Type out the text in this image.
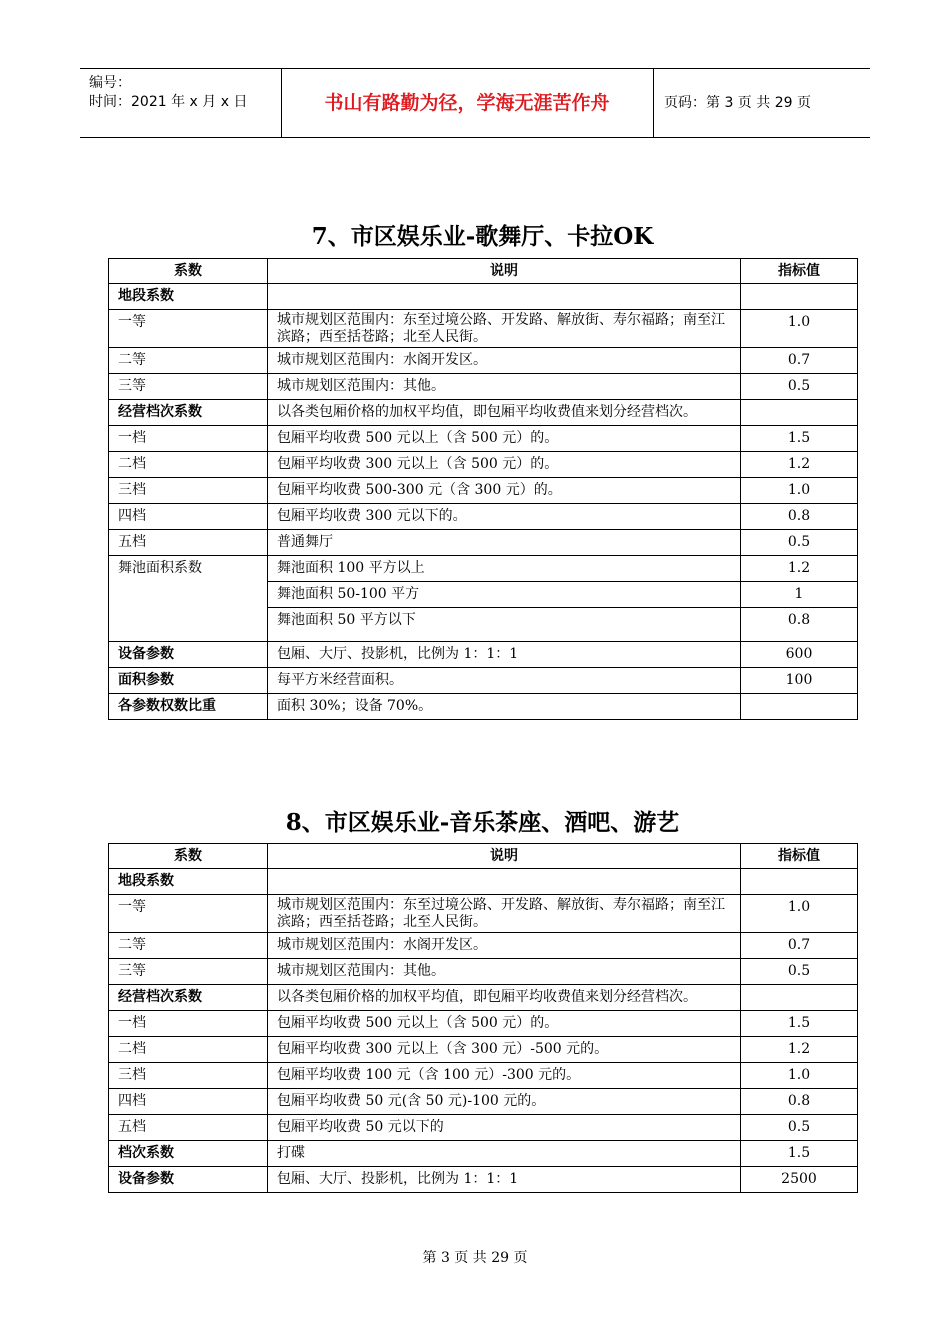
编号：
时间：2021 年 x 月 x 日	书山有路勤为径，学海无涯苦作舟	页码：第 3 页 共 29 页
7、市区娱乐业-歌舞厅、卡拉OK
系数	说明	指标值
地段系数		
一等	城市规划区范围内：东至过境公路、开发路、解放街、寿尔福路；南至江滨路；西至括苍路；北至人民街。	1.0
二等	城市规划区范围内：水阁开发区。	0.7
三等	城市规划区范围内：其他。	0.5
经营档次系数	以各类包厢价格的加权平均值，即包厢平均收费值来划分经营档次。	
一档	包厢平均收费 500 元以上（含 500 元）的。	1.5
二档	包厢平均收费 300 元以上（含 500 元）的。	1.2
三档	包厢平均收费 500-300 元（含 300 元）的。	1.0
四档	包厢平均收费 300 元以下的。	0.8
五档	普通舞厅	0.5
舞池面积系数	舞池面积 100 平方以上	1.2
	舞池面积 50-100 平方	1
	舞池面积 50 平方以下	0.8
设备参数	包厢、大厅、投影机，比例为 1：1：1	600
面积参数	每平方米经营面积。	100
各参数权数比重	面积 30%；设备 70%。	
8、市区娱乐业-音乐茶座、酒吧、游艺
系数	说明	指标值
地段系数		
一等	城市规划区范围内：东至过境公路、开发路、解放街、寿尔福路；南至江滨路；西至括苍路；北至人民街。	1.0
二等	城市规划区范围内：水阁开发区。	0.7
三等	城市规划区范围内：其他。	0.5
经营档次系数	以各类包厢价格的加权平均值，即包厢平均收费值来划分经营档次。	
一档	包厢平均收费 500 元以上（含 500 元）的。	1.5
二档	包厢平均收费 300 元以上（含 300 元）-500 元的。	1.2
三档	包厢平均收费 100 元（含 100 元）-300 元的。	1.0
四档	包厢平均收费 50 元(含 50 元)-100 元的。	0.8
五档	包厢平均收费 50 元以下的	0.5
档次系数	打碟	1.5
设备参数	包厢、大厅、投影机，比例为 1：1：1	2500
第 3 页 共 29 页
